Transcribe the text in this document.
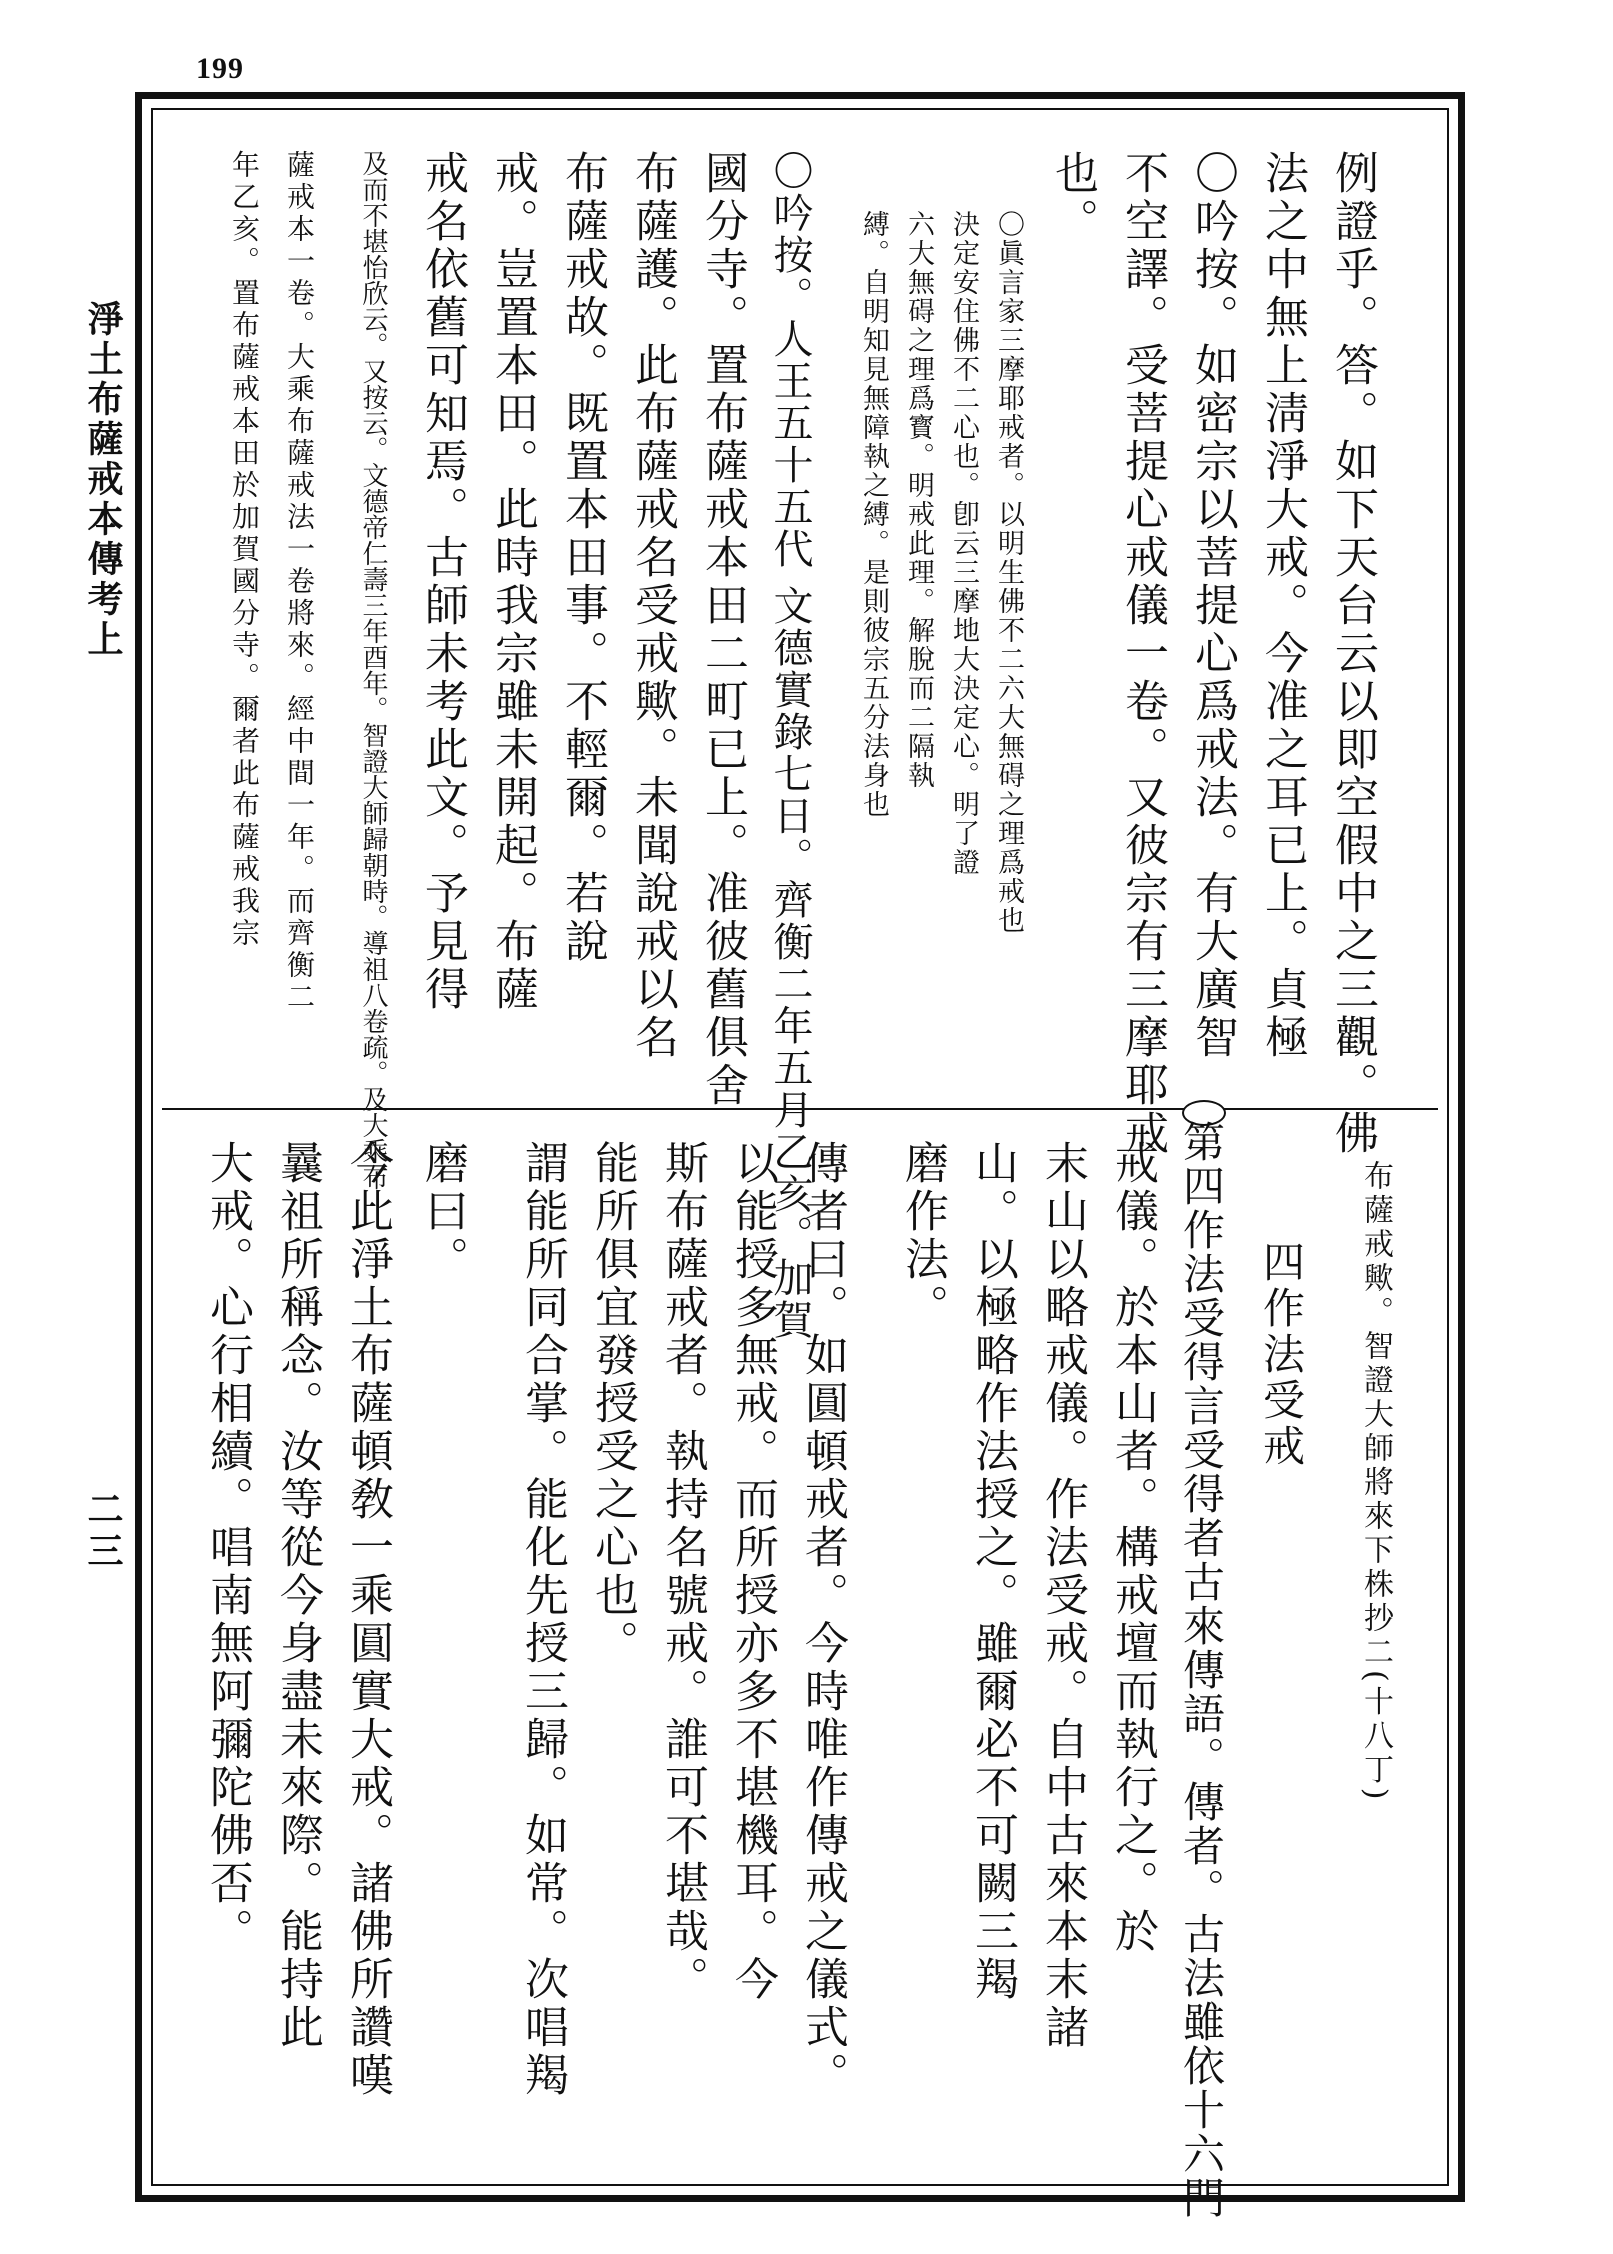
199
淨土布薩戒本傳考上
二三
例證乎。答。如下天台云以即空假中之三觀。佛
法之中無上淸淨大戒。今准之耳已上。貞極
〇吟按。如密宗以菩提心爲戒法。有大廣智
不空譯。受菩提心戒儀一卷。又彼宗有三摩耶戒
也。
〇眞言家三摩耶戒者。以明生佛不二六大無碍之理爲戒也
決定安住佛不二心也。卽云三摩地大決定心。明了證
六大無碍之理爲寳。明戒此理。解脫而二隔執
縛。自明知見無障執之縛。是則彼宗五分法身也
〇吟按。人王五十五代 文德實錄七日。齊衡二年五月乙亥。加賀
國分寺。置布薩戒本田二町已上。准彼舊俱舍
布薩護。此布薩戒名受戒歟。未聞說戒以名
布薩戒故。既置本田事。不輕爾。若說
戒。豈置本田。此時我宗雖未開起。布薩
戒名依舊可知焉。古師未考此文。予見得
及而不堪怡欣云。又按云。文德帝仁壽三年酉年。智證大師歸朝時。導祖八卷疏。及大乘布
薩戒本一卷。大乘布薩戒法一卷將來。經中間一年。而齊衡二
年乙亥。置布薩戒本田於加賀國分寺。爾者此布薩戒我宗
布薩戒歟。智證大師將來下株抄二(十八丁)
四作法受戒
第四作法受得言受得者古來傳語。傳者。古法雖依十六門
戒儀。於本山者。構戒壇而執行之。於
末山以略戒儀。作法受戒。自中古來本末諸
山。以極略作法授之。雖爾必不可闕三羯
磨作法。
傳者曰。如圓頓戒者。今時唯作傳戒之儀式。
以能授多無戒。而所授亦多不堪機耳。今
斯布薩戒者。執持名號戒。誰可不堪哉。
能所俱宜發授受之心也。
謂能所同合掌。能化先授三歸。如常。次唱羯
磨曰。
今此淨土布薩頓敎一乘圓實大戒。諸佛所讚嘆
曩祖所稱念。汝等從今身盡未來際。能持此
大戒。心行相續。唱南無阿彌陀佛否。
